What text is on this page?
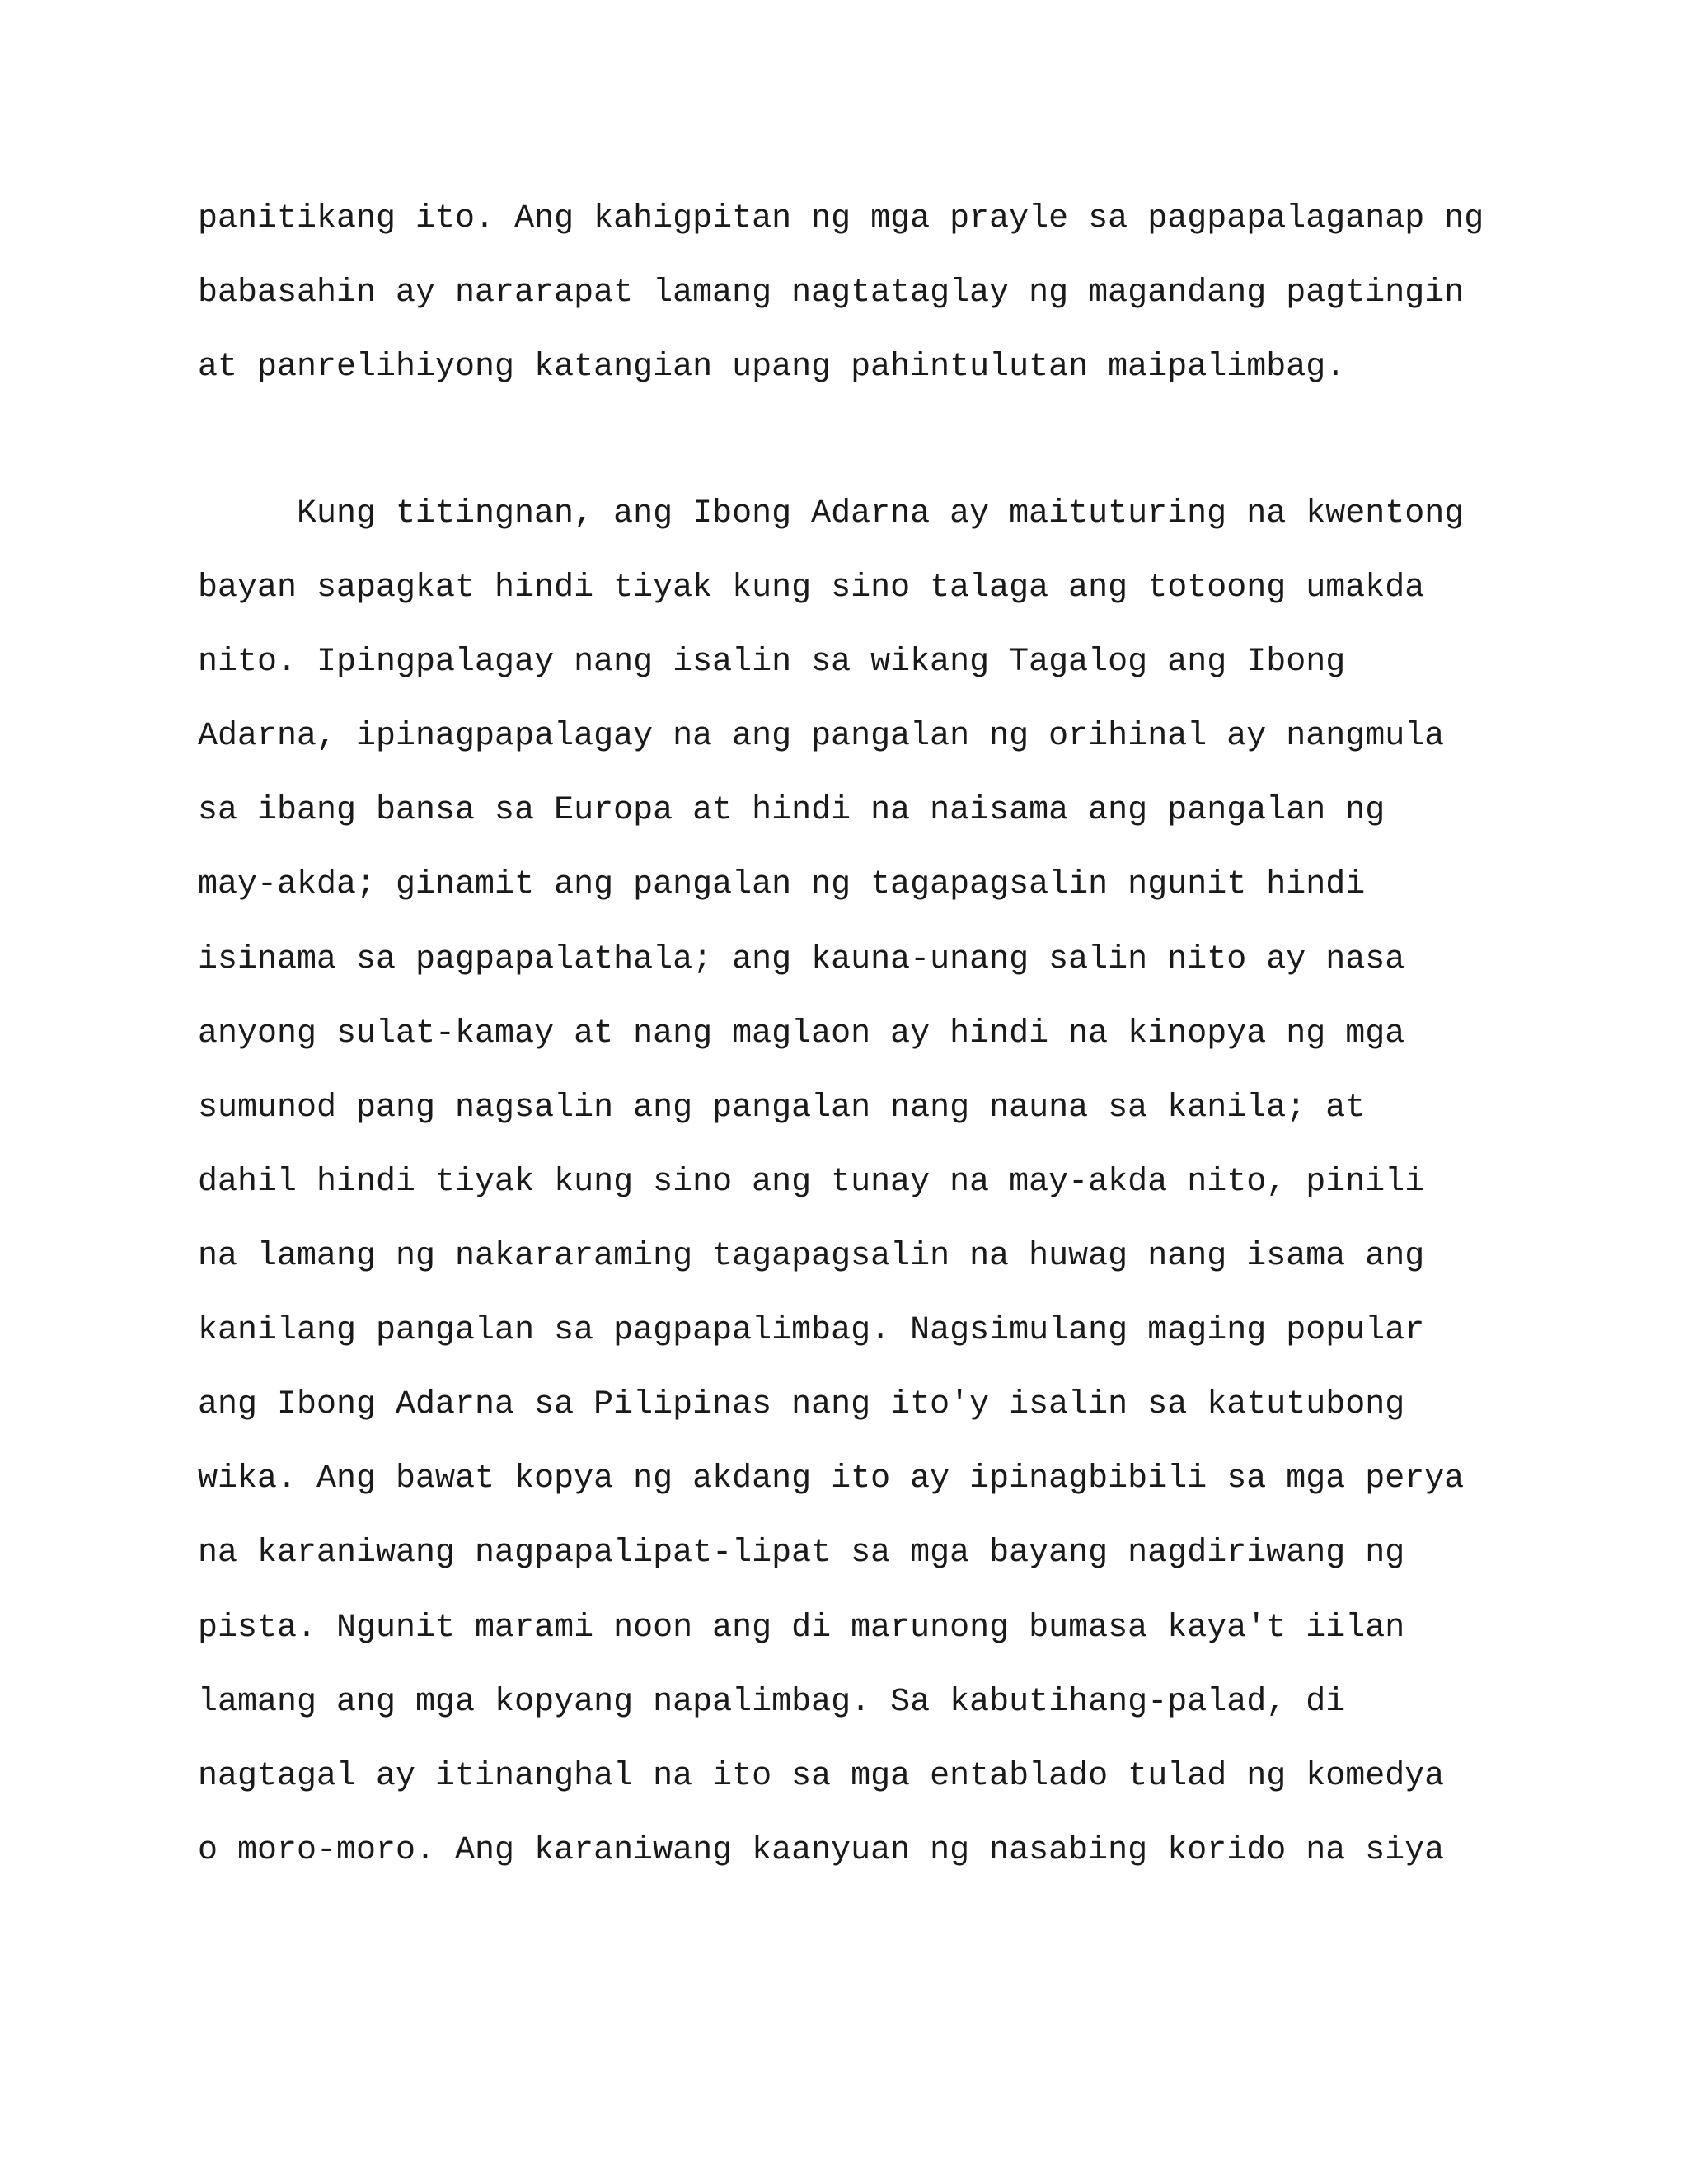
panitikang ito. Ang kahigpitan ng mga prayle sa pagpapalaganap ng

babasahin ay nararapat lamang nagtataglay ng magandang pagtingin

at panrelihiyong katangian upang pahintulutan maipalimbag.

Kung titingnan, ang Ibong Adarna ay maituturing na kwentong

bayan sapagkat hindi tiyak kung sino talaga ang totoong umakda

nito. Ipingpalagay nang isalin sa wikang Tagalog ang Ibong

Adarna, ipinagpapalagay na ang pangalan ng orihinal ay nangmula

sa ibang bansa sa Europa at hindi na naisama ang pangalan ng

may-akda; ginamit ang pangalan ng tagapagsalin ngunit hindi

isinama sa pagpapalathala; ang kauna-unang salin nito ay nasa

anyong sulat-kamay at nang maglaon ay hindi na kinopya ng mga

sumunod pang nagsalin ang pangalan nang nauna sa kanila; at

dahil hindi tiyak kung sino ang tunay na may-akda nito, pinili

na lamang ng nakararaming tagapagsalin na huwag nang isama ang

kanilang pangalan sa pagpapalimbag. Nagsimulang maging popular

ang Ibong Adarna sa Pilipinas nang ito'y isalin sa katutubong

wika. Ang bawat kopya ng akdang ito ay ipinagbibili sa mga perya

na karaniwang nagpapalipat-lipat sa mga bayang nagdiriwang ng

pista. Ngunit marami noon ang di marunong bumasa kaya't iilan

lamang ang mga kopyang napalimbag. Sa kabutihang-palad, di

nagtagal ay itinanghal na ito sa mga entablado tulad ng komedya

o moro-moro. Ang karaniwang kaanyuan ng nasabing korido na siya
